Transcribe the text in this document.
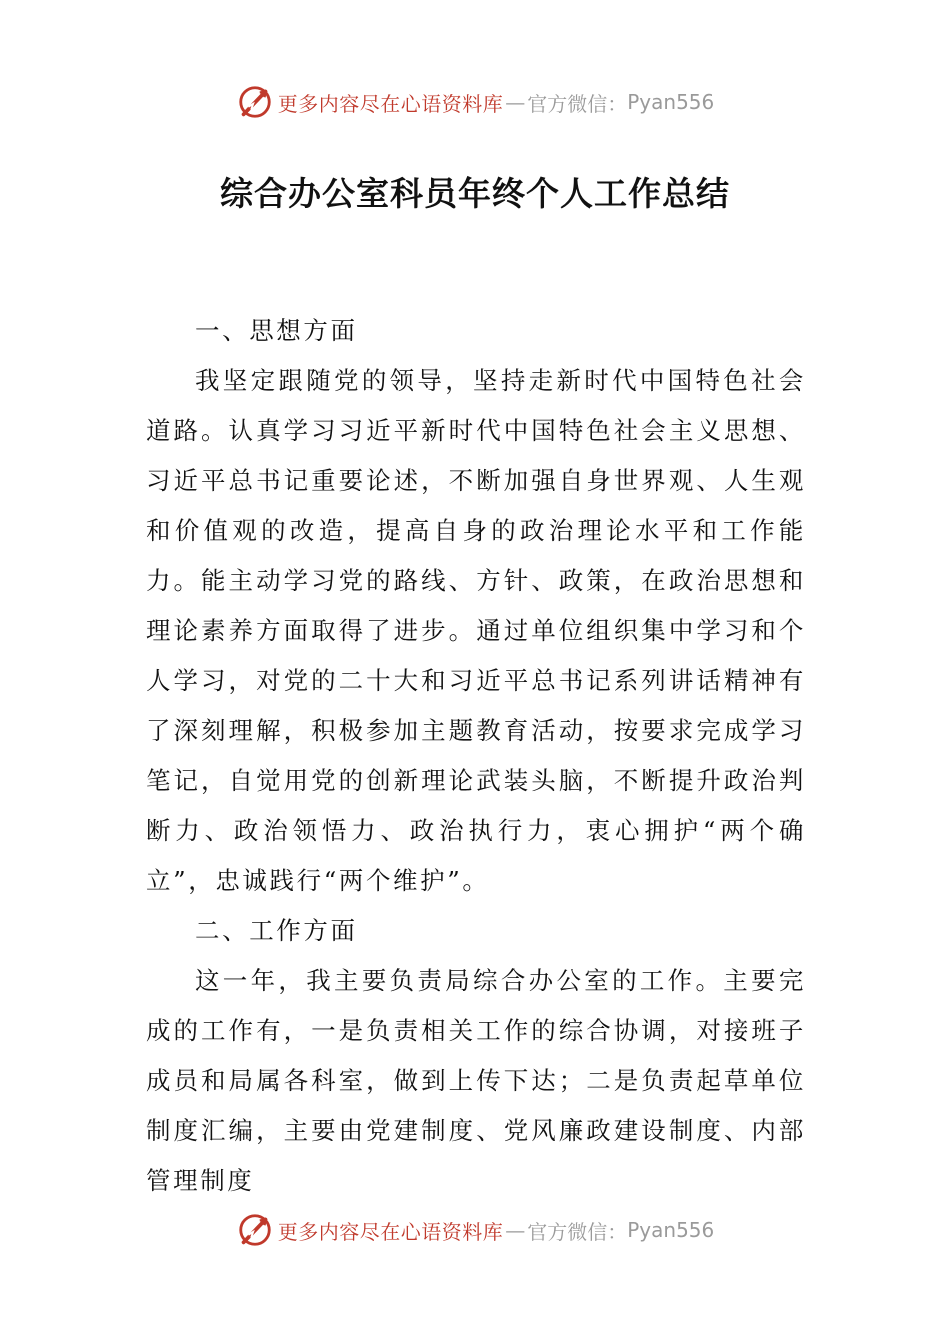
更多内容尽在心语资料库 — 官方微信： Pyan556
综合办公室科员年终个人工作总结

一、思想方面

我坚定跟随党的领导，坚持走新时代中国特色社会道路。认真学习习近平新时代中国特色社会主义思想、习近平总书记重要论述，不断加强自身世界观、人生观和价值观的改造，提高自身的政治理论水平和工作能力。能主动学习党的路线、方针、政策，在政治思想和理论素养方面取得了进步。通过单位组织集中学习和个人学习，对党的二十大和习近平总书记系列讲话精神有了深刻理解，积极参加主题教育活动，按要求完成学习笔记，自觉用党的创新理论武装头脑，不断提升政治判断力、政治领悟力、政治执行力，衷心拥护“两个确立”，忠诚践行“两个维护”。

二、工作方面

这一年，我主要负责局综合办公室的工作。主要完成的工作有，一是负责相关工作的综合协调，对接班子成员和局属各科室，做到上传下达；二是负责起草单位制度汇编，主要由党建制度、党风廉政建设制度、内部管理制度

更多内容尽在心语资料库 — 官方微信： Pyan556
